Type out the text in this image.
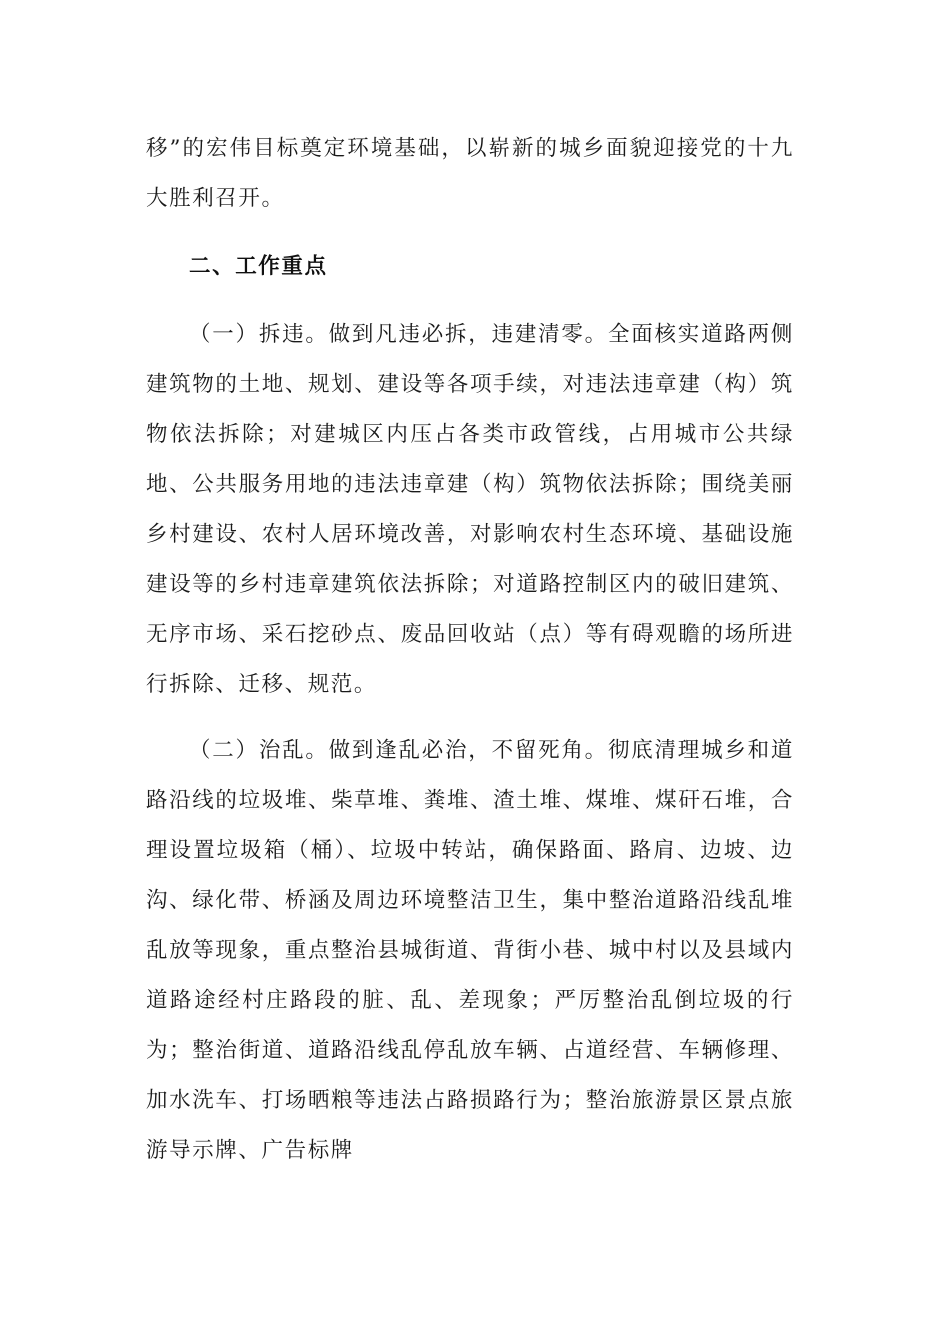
移”的宏伟目标奠定环境基础，以崭新的城乡面貌迎接党的十九大胜利召开。

二、工作重点

（一）拆违。做到凡违必拆，违建清零。全面核实道路两侧建筑物的土地、规划、建设等各项手续，对违法违章建（构）筑物依法拆除；对建城区内压占各类市政管线，占用城市公共绿地、公共服务用地的违法违章建（构）筑物依法拆除；围绕美丽乡村建设、农村人居环境改善，对影响农村生态环境、基础设施建设等的乡村违章建筑依法拆除；对道路控制区内的破旧建筑、无序市场、采石挖砂点、废品回收站（点）等有碍观瞻的场所进行拆除、迁移、规范。

（二）治乱。做到逢乱必治，不留死角。彻底清理城乡和道路沿线的垃圾堆、柴草堆、粪堆、渣土堆、煤堆、煤矸石堆，合理设置垃圾箱（桶）、垃圾中转站，确保路面、路肩、边坡、边沟、绿化带、桥涵及周边环境整洁卫生，集中整治道路沿线乱堆乱放等现象，重点整治县城街道、背街小巷、城中村以及县域内道路途经村庄路段的脏、乱、差现象；严厉整治乱倒垃圾的行为；整治街道、道路沿线乱停乱放车辆、占道经营、车辆修理、加水洗车、打场晒粮等违法占路损路行为；整治旅游景区景点旅游导示牌、广告标牌
